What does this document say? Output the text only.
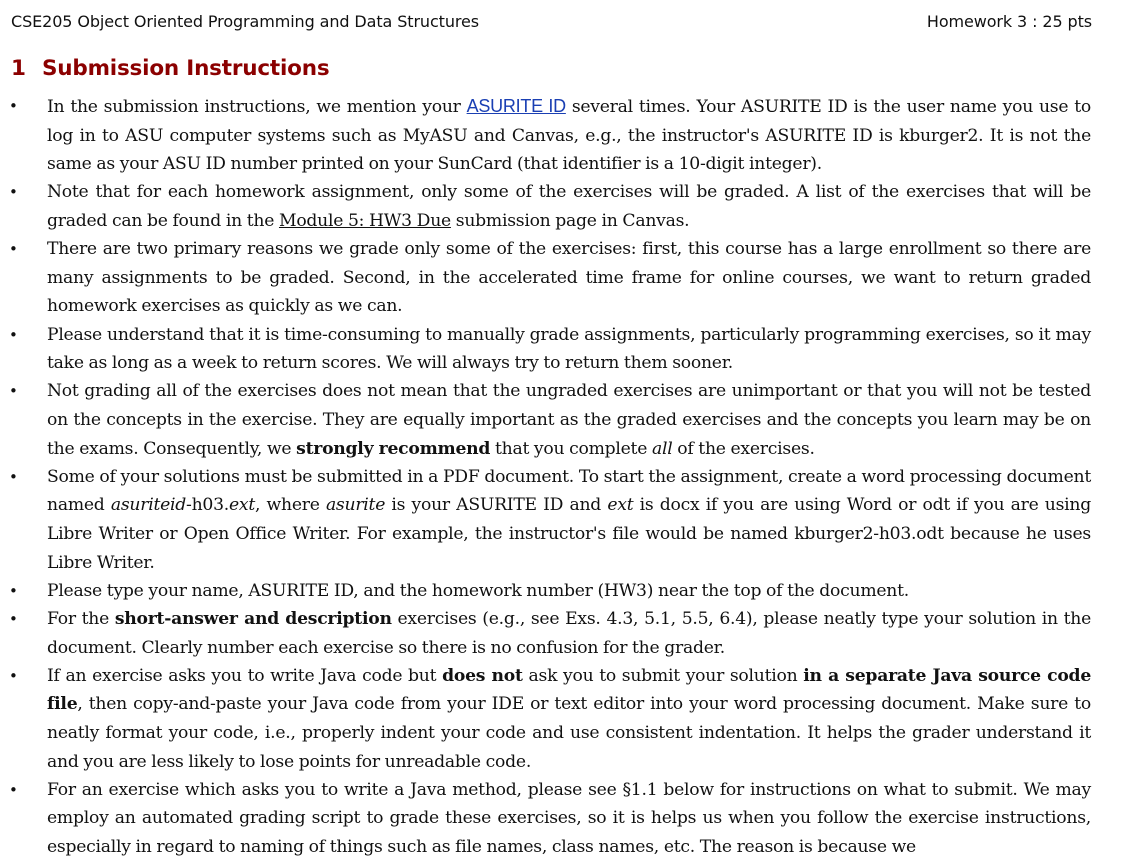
CSE205 Object Oriented Programming and Data Structures	Homework 3 : 25 pts
1 Submission Instructions
• In the submission instructions, we mention your ASURITE ID several times. Your ASURITE ID is the user name you use to log in to ASU computer systems such as MyASU and Canvas, e.g., the instructor's ASURITE ID is kburger2. It is not the same as your ASU ID number printed on your SunCard (that identifier is a 10-digit integer).
• Note that for each homework assignment, only some of the exercises will be graded. A list of the exercises that will be graded can be found in the Module 5: HW3 Due submission page in Canvas.
• There are two primary reasons we grade only some of the exercises: first, this course has a large enrollment so there are many assignments to be graded. Second, in the accelerated time frame for online courses, we want to return graded homework exercises as quickly as we can.
• Please understand that it is time-consuming to manually grade assignments, particularly programming exercises, so it may take as long as a week to return scores. We will always try to return them sooner.
• Not grading all of the exercises does not mean that the ungraded exercises are unimportant or that you will not be tested on the concepts in the exercise. They are equally important as the graded exercises and the concepts you learn may be on the exams. Consequently, we strongly recommend that you complete all of the exercises.
• Some of your solutions must be submitted in a PDF document. To start the assignment, create a word processing document named asuriteid-h03.ext, where asurite is your ASURITE ID and ext is docx if you are using Word or odt if you are using Libre Writer or Open Office Writer. For example, the instructor's file would be named kburger2-h03.odt because he uses Libre Writer.
• Please type your name, ASURITE ID, and the homework number (HW3) near the top of the document.
• For the short-answer and description exercises (e.g., see Exs. 4.3, 5.1, 5.5, 6.4), please neatly type your solution in the document. Clearly number each exercise so there is no confusion for the grader.
• If an exercise asks you to write Java code but does not ask you to submit your solution in a separate Java source code file, then copy-and-paste your Java code from your IDE or text editor into your word processing document. Make sure to neatly format your code, i.e., properly indent your code and use consistent indentation. It helps the grader understand it and you are less likely to lose points for unreadable code.
• For an exercise which asks you to write a Java method, please see §1.1 below for instructions on what to submit. We may employ an automated grading script to grade these exercises, so it is helps us when you follow the exercise instructions, especially in regard to naming of things such as file names, class names, etc. The reason is because we
